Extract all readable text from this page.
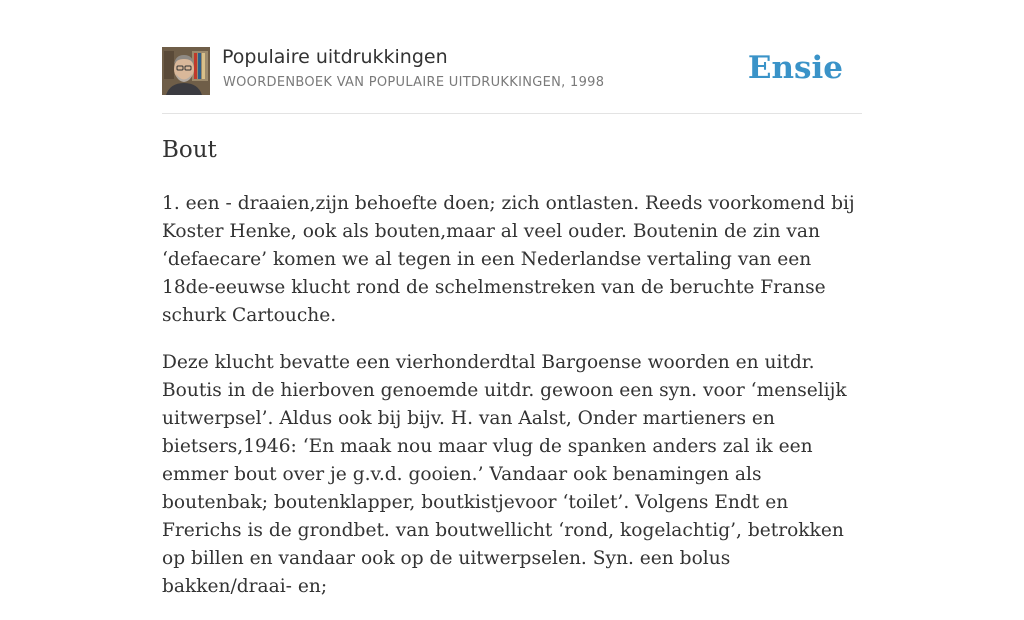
Populaire uitdrukkingen
WOORDENBOEK VAN POPULAIRE UITDRUKKINGEN, 1998	Ensie
Bout

1. een - draaien,zijn behoefte doen; zich ontlasten. Reeds voorkomend bij Koster Henke, ook als bouten,maar al veel ouder. Boutenin de zin van ‘defaecare’ komen we al tegen in een Nederlandse vertaling van een 18de-eeuwse klucht rond de schelmenstreken van de beruchte Franse schurk Cartouche.

Deze klucht bevatte een vierhonderdtal Bargoense woorden en uitdr. Boutis in de hierboven genoemde uitdr. gewoon een syn. voor ‘menselijk uitwerpsel’. Aldus ook bij bijv. H. van Aalst, Onder martieners en bietsers,1946: ‘En maak nou maar vlug de spanken anders zal ik een emmer bout over je g.v.d. gooien.’ Vandaar ook benamingen als boutenbak; boutenklapper, boutkistjevoor ‘toilet’. Volgens Endt en Frerichs is de grondbet. van boutwellicht ‘rond, kogelachtig’, betrokken op billen en vandaar ook op de uitwerpselen. Syn. een bolus bakken/draai- en;
